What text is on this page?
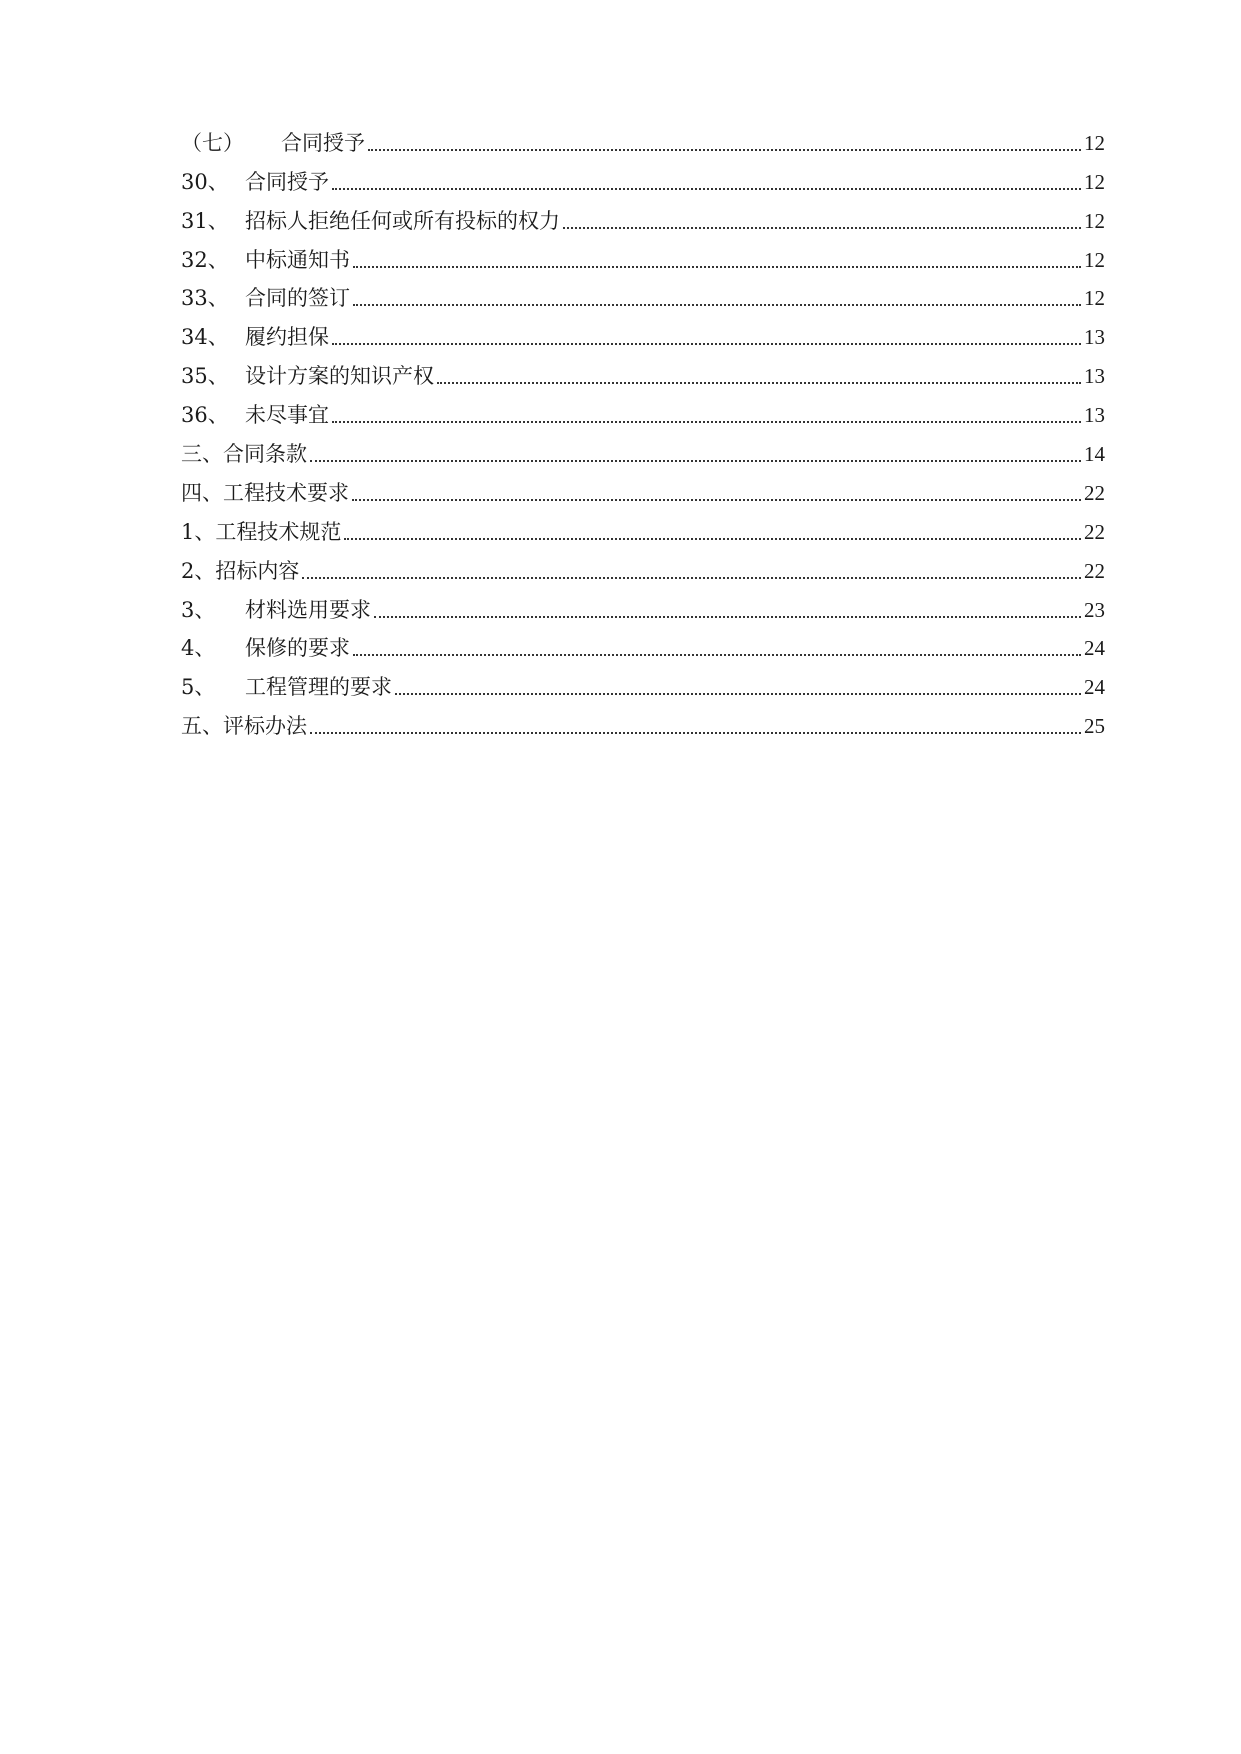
（七）	合同授予	12
30、 合同授予	12
31、 招标人拒绝任何或所有投标的权力	12
32、 中标通知书	12
33、 合同的签订	12
34、 履约担保	13
35、 设计方案的知识产权	13
36、 未尽事宜	13
三、 合同条款	14
四、 工程技术要求	22
1、 工程技术规范	22
2、 招标内容	22
3、	材料选用要求	23
4、	保修的要求	24
5、	工程管理的要求	24
五、 评标办法	25
